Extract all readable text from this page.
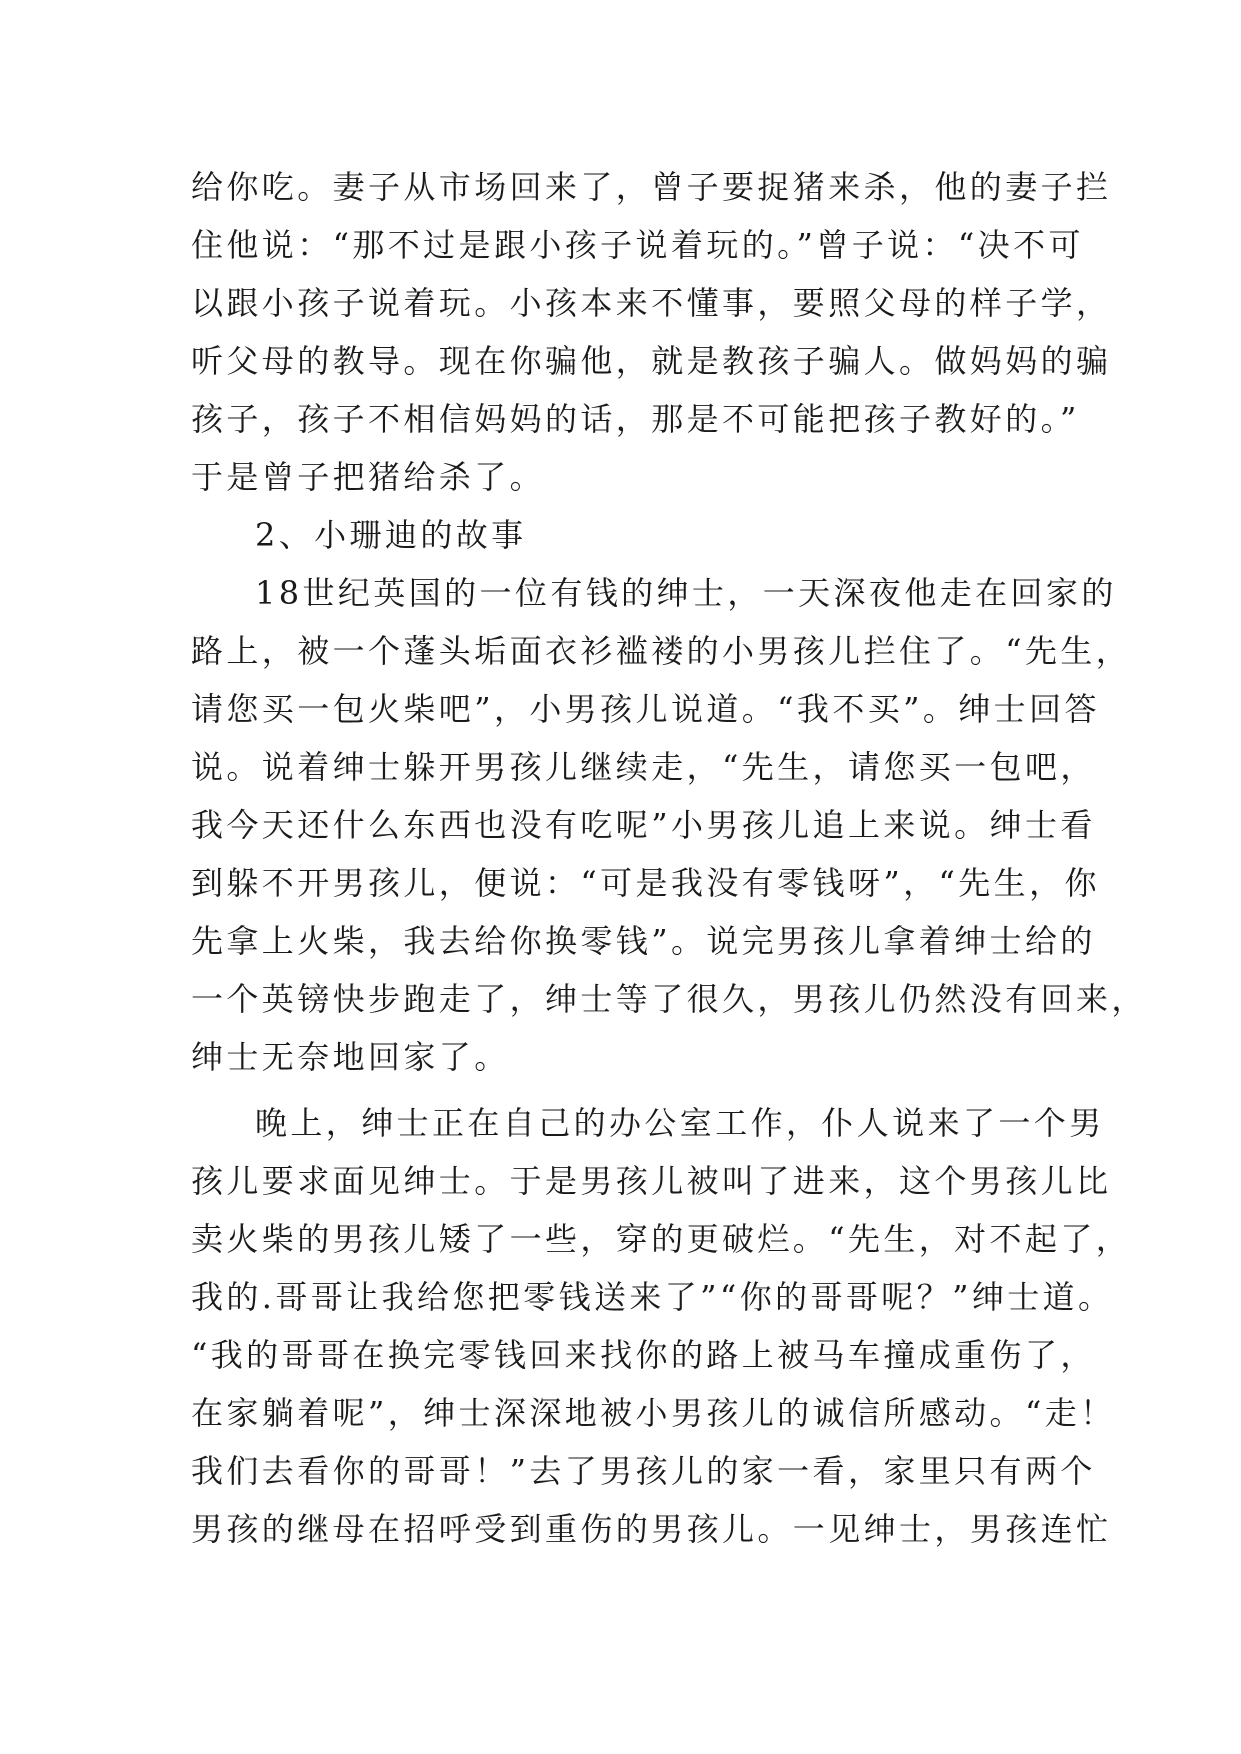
给你吃。妻子从市场回来了，曾子要捉猪来杀，他的妻子拦
住他说：“那不过是跟小孩子说着玩的。”曾子说：“决不可
以跟小孩子说着玩。小孩本来不懂事，要照父母的样子学，
听父母的教导。现在你骗他，就是教孩子骗人。做妈妈的骗
孩子，孩子不相信妈妈的话，那是不可能把孩子教好的。”
于是曾子把猪给杀了。
2、小珊迪的故事
18世纪英国的一位有钱的绅士，一天深夜他走在回家的
路上，被一个蓬头垢面衣衫褴褛的小男孩儿拦住了。“先生，
请您买一包火柴吧”，小男孩儿说道。“我不买”。绅士回答
说。说着绅士躲开男孩儿继续走，“先生，请您买一包吧，
我今天还什么东西也没有吃呢”小男孩儿追上来说。绅士看
到躲不开男孩儿，便说：“可是我没有零钱呀”，“先生，你
先拿上火柴，我去给你换零钱”。说完男孩儿拿着绅士给的
一个英镑快步跑走了，绅士等了很久，男孩儿仍然没有回来，
绅士无奈地回家了。
晚上，绅士正在自己的办公室工作，仆人说来了一个男
孩儿要求面见绅士。于是男孩儿被叫了进来，这个男孩儿比
卖火柴的男孩儿矮了一些，穿的更破烂。“先生，对不起了，
我的.哥哥让我给您把零钱送来了”“你的哥哥呢？”绅士道。
“我的哥哥在换完零钱回来找你的路上被马车撞成重伤了，
在家躺着呢”，绅士深深地被小男孩儿的诚信所感动。“走！
我们去看你的哥哥！”去了男孩儿的家一看，家里只有两个
男孩的继母在招呼受到重伤的男孩儿。一见绅士，男孩连忙
